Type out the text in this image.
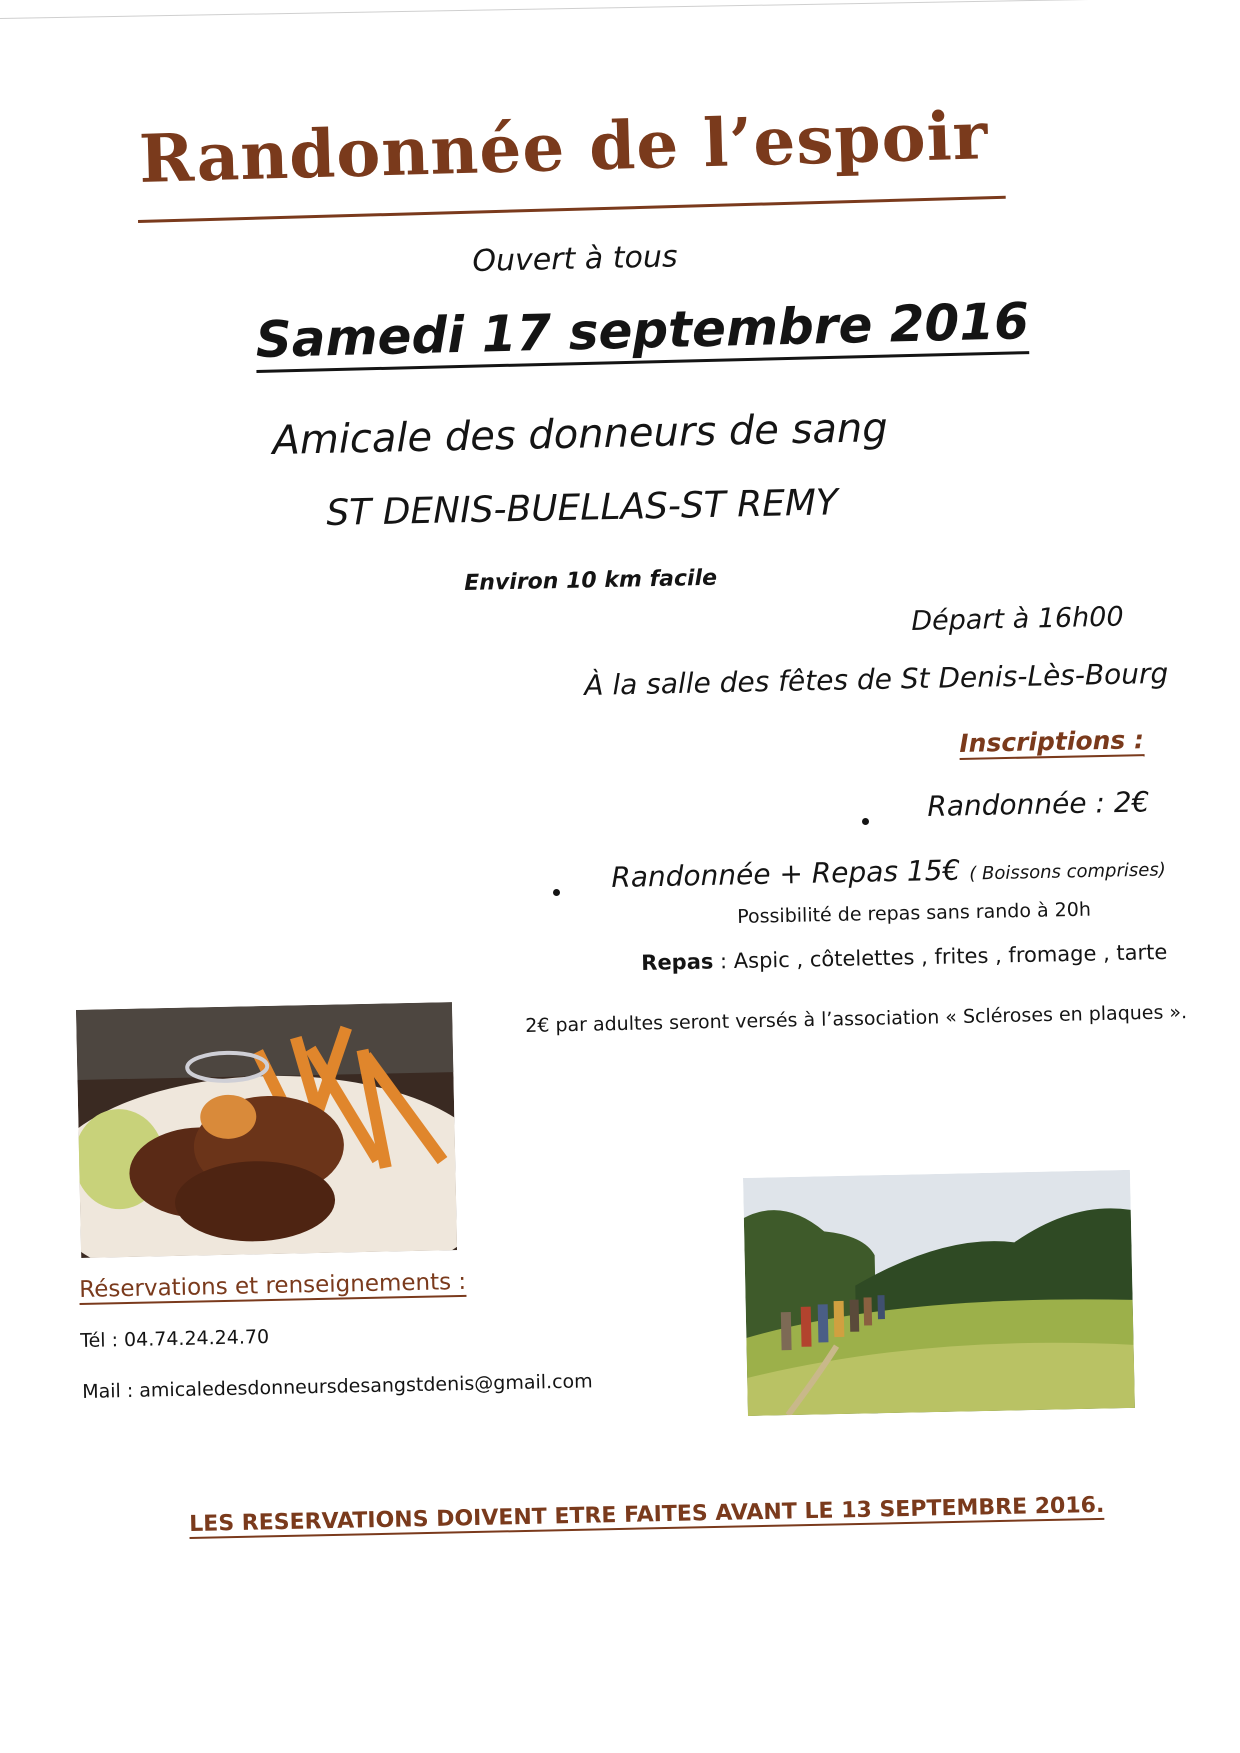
Randonnée de l’espoir
Ouvert à tous
Samedi 17 septembre 2016
Amicale des donneurs de sang
ST DENIS-BUELLAS-ST REMY
Environ 10 km facile
Départ à 16h00
À la salle des fêtes de St Denis-Lès-Bourg
Inscriptions :
Randonnée : 2€
Randonnée + Repas 15€ ( Boissons comprises)
Possibilité de repas sans rando à 20h
Repas : Aspic , côtelettes , frites , fromage , tarte
2€ par adultes seront versés à l’association « Scléroses en plaques ».
Réservations et renseignements :
Tél : 04.74.24.24.70
Mail : amicaledesdonneursdesangstdenis@gmail.com
LES RESERVATIONS DOIVENT ETRE FAITES AVANT LE 13 SEPTEMBRE 2016.
